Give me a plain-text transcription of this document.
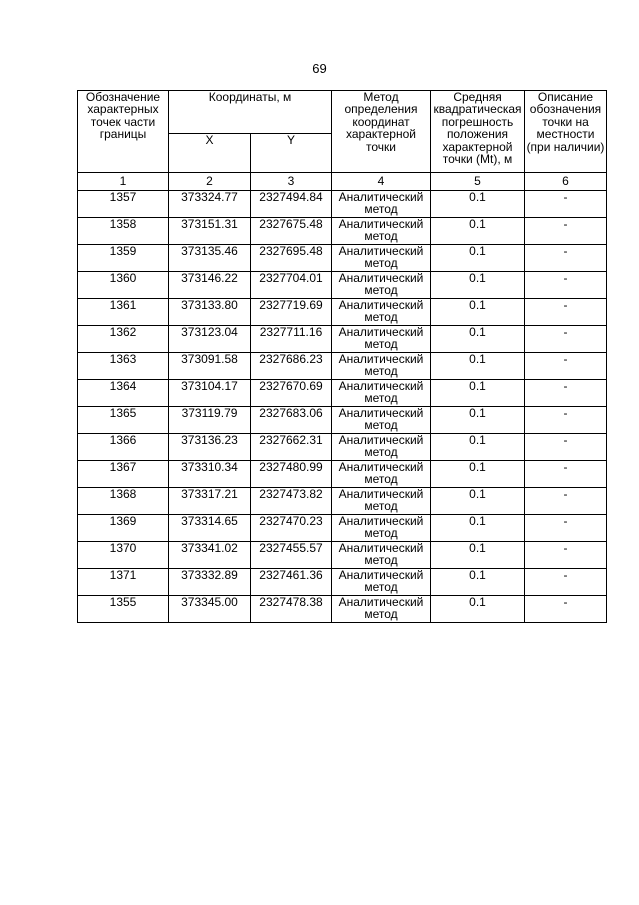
69
Обозначение характерных точек части границы	Координаты, м		Метод определения координат характерной точки	Средняя квадратическая погрешность положения характерной точки (Mt), м	Описание обозначения точки на местности (при наличии)
	X	Y			
1	2	3	4	5	6
1357	373324.77	2327494.84	Аналитический метод	0.1	-
1358	373151.31	2327675.48	Аналитический метод	0.1	-
1359	373135.46	2327695.48	Аналитический метод	0.1	-
1360	373146.22	2327704.01	Аналитический метод	0.1	-
1361	373133.80	2327719.69	Аналитический метод	0.1	-
1362	373123.04	2327711.16	Аналитический метод	0.1	-
1363	373091.58	2327686.23	Аналитический метод	0.1	-
1364	373104.17	2327670.69	Аналитический метод	0.1	-
1365	373119.79	2327683.06	Аналитический метод	0.1	-
1366	373136.23	2327662.31	Аналитический метод	0.1	-
1367	373310.34	2327480.99	Аналитический метод	0.1	-
1368	373317.21	2327473.82	Аналитический метод	0.1	-
1369	373314.65	2327470.23	Аналитический метод	0.1	-
1370	373341.02	2327455.57	Аналитический метод	0.1	-
1371	373332.89	2327461.36	Аналитический метод	0.1	-
1355	373345.00	2327478.38	Аналитический метод	0.1	-
